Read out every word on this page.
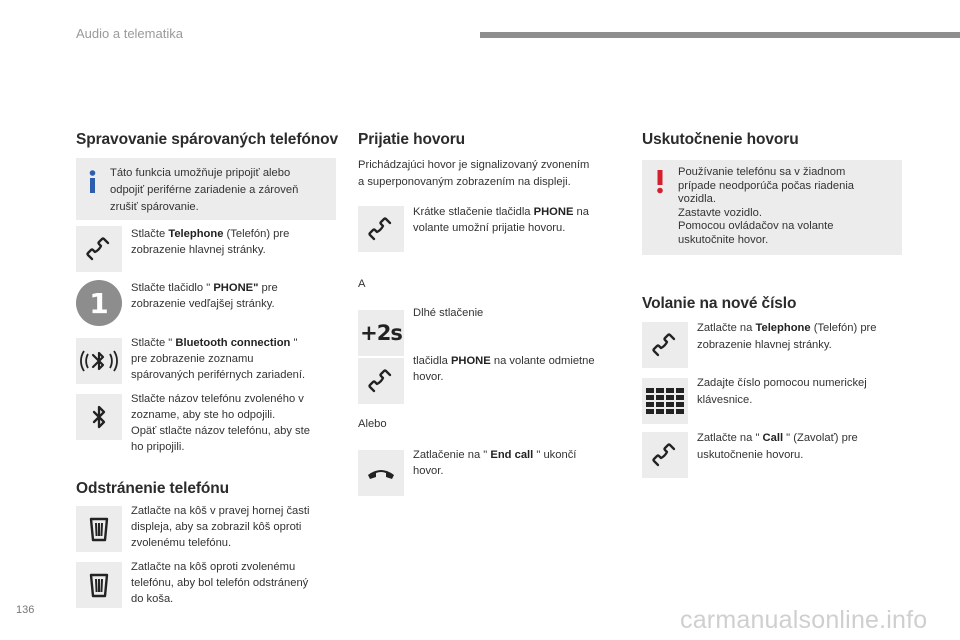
Audio a telematika
Spravovanie spárovaných telefónov
Táto funkcia umožňuje pripojiť alebo
odpojiť periférne zariadenie a zároveň
zrušiť spárovanie.
Stlačte Telephone (Telefón) pre
zobrazenie hlavnej stránky.
1	Stlačte tlačidlo " PHONE" pre
zobrazenie vedľajšej stránky.
Stlačte " Bluetooth connection "
pre zobrazenie zoznamu
spárovaných periférnych zariadení.
Stlačte názov telefónu zvoleného v
zozname, aby ste ho odpojili.
Opäť stlačte názov telefónu, aby ste
ho pripojili.
Odstránenie telefónu
Zatlačte na kôš v pravej hornej časti
displeja, aby sa zobrazil kôš oproti
zvolenému telefónu.
Zatlačte na kôš oproti zvolenému
telefónu, aby bol telefón odstránený
do koša.
Prijatie hovoru
Prichádzajúci hovor je signalizovaný zvonením
a superponovaným zobrazením na displeji.
Krátke stlačenie tlačidla PHONE na
volante umožní prijatie hovoru.
A
Dlhé stlačenie
+2s
tlačidla PHONE na volante odmietne
hovor.
Alebo
Zatlačenie na " End call " ukončí
hovor.
Uskutočnenie hovoru
Používanie telefónu sa v žiadnom
prípade neodporúča počas riadenia
vozidla.
Zastavte vozidlo.
Pomocou ovládačov na volante
uskutočnite hovor.
Volanie na nové číslo
Zatlačte na Telephone (Telefón) pre
zobrazenie hlavnej stránky.
Zadajte číslo pomocou numerickej
klávesnice.
Zatlačte na " Call " (Zavolať) pre
uskutočnenie hovoru.
136	carmanualsonline.info
